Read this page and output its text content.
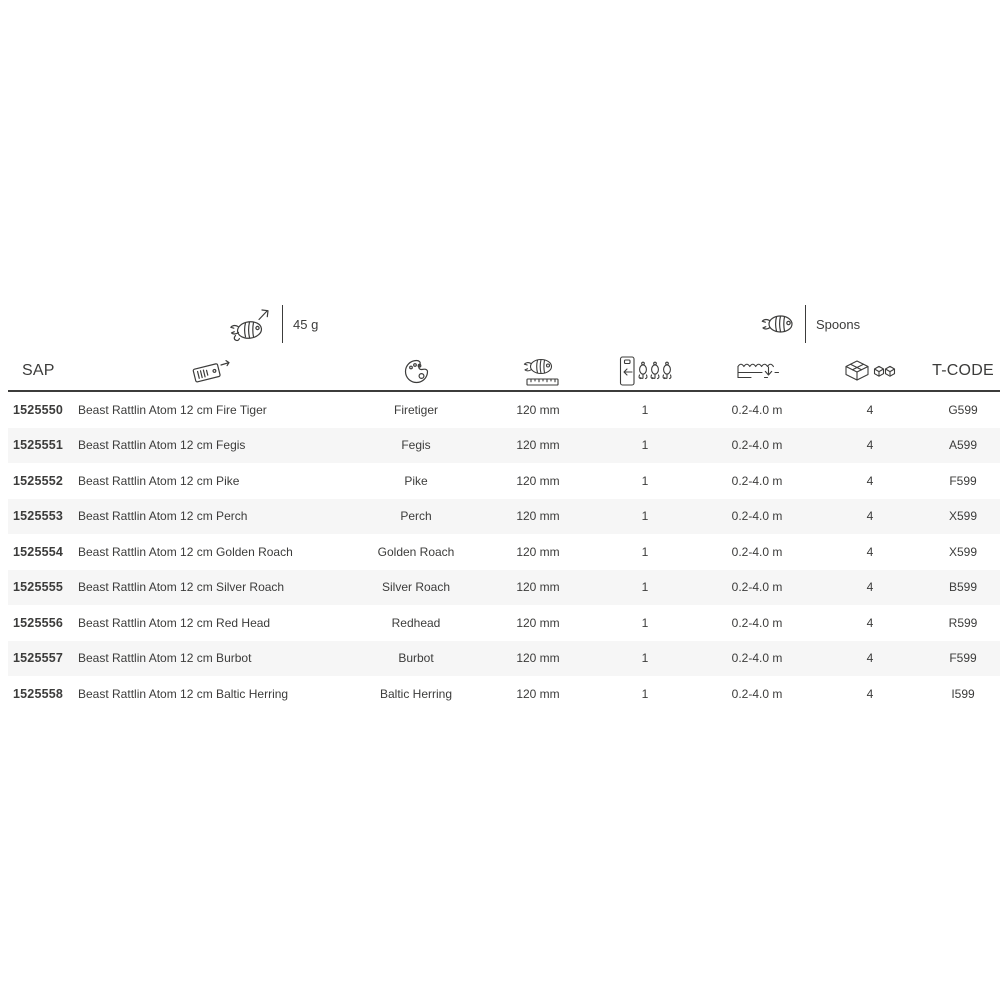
45 g	Spoons
SAP	T-CODE
1525550	Beast Rattlin Atom 12 cm Fire Tiger	Firetiger	120 mm	1	0.2-4.0 m	4	G599
1525551	Beast Rattlin Atom 12 cm Fegis	Fegis	120 mm	1	0.2-4.0 m	4	A599
1525552	Beast Rattlin Atom 12 cm Pike	Pike	120 mm	1	0.2-4.0 m	4	F599
1525553	Beast Rattlin Atom 12 cm Perch	Perch	120 mm	1	0.2-4.0 m	4	X599
1525554	Beast Rattlin Atom 12 cm Golden Roach	Golden Roach	120 mm	1	0.2-4.0 m	4	X599
1525555	Beast Rattlin Atom 12 cm Silver Roach	Silver Roach	120 mm	1	0.2-4.0 m	4	B599
1525556	Beast Rattlin Atom 12 cm Red Head	Redhead	120 mm	1	0.2-4.0 m	4	R599
1525557	Beast Rattlin Atom 12 cm Burbot	Burbot	120 mm	1	0.2-4.0 m	4	F599
1525558	Beast Rattlin Atom 12 cm Baltic Herring	Baltic Herring	120 mm	1	0.2-4.0 m	4	I599
